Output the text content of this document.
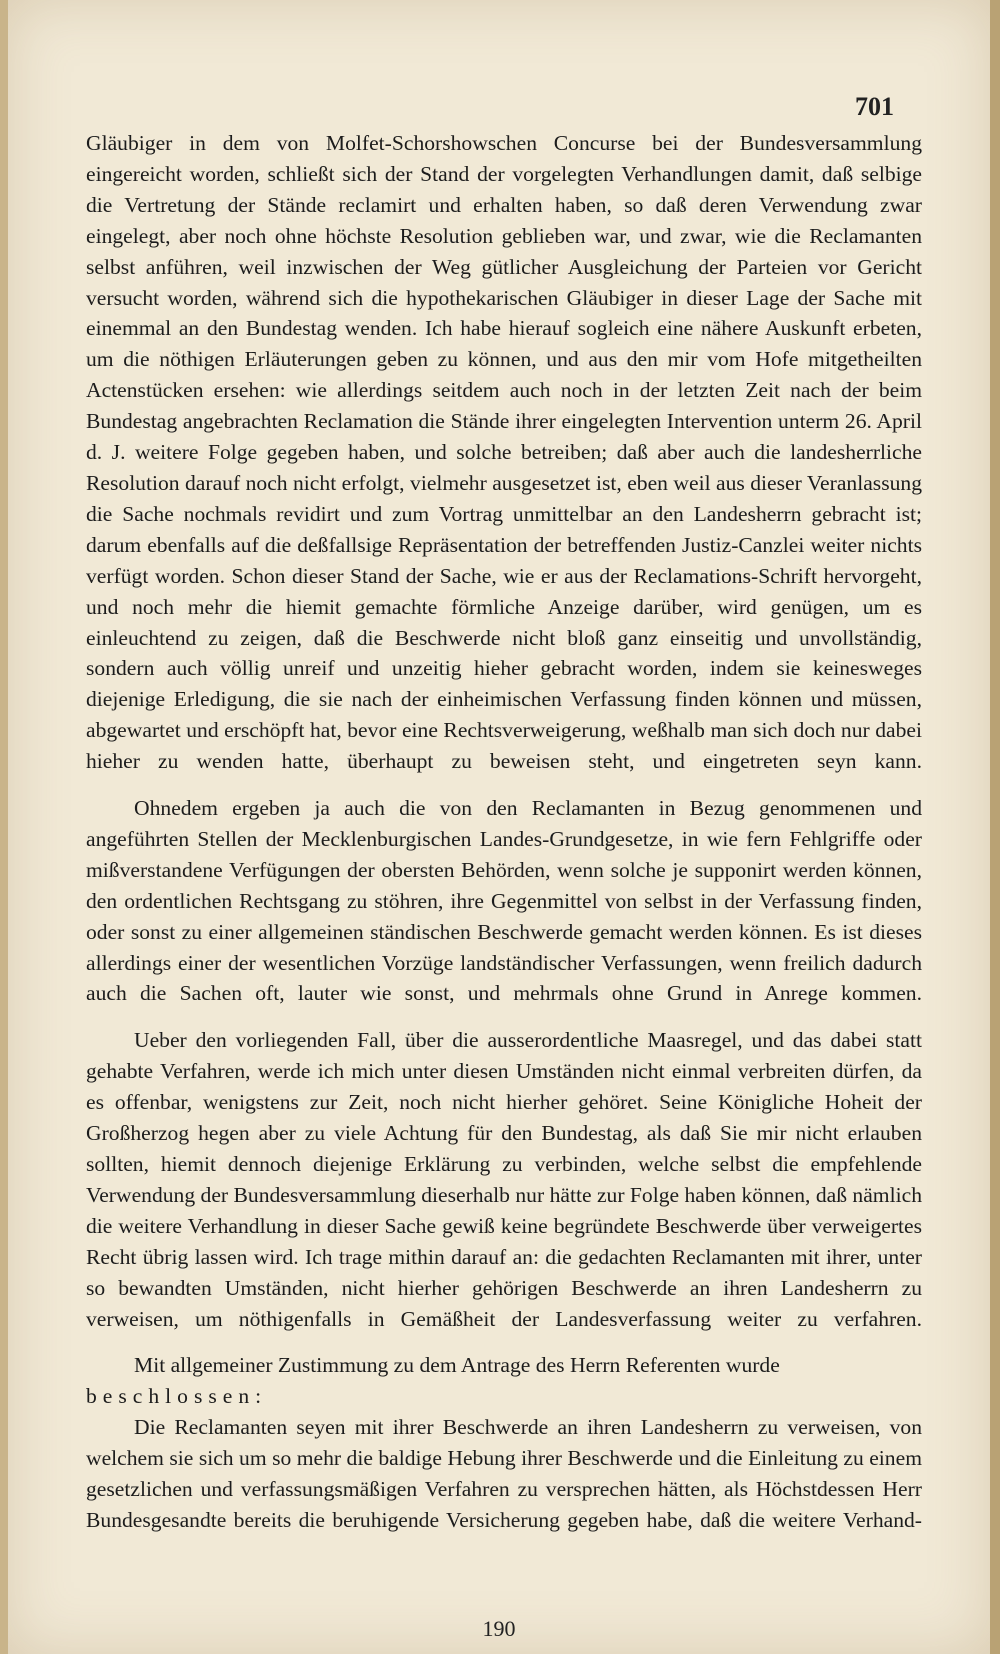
701

Gläubiger in dem von Molfet-Schorshowschen Concurse bei der Bundesversammlung eingereicht worden, schließt sich der Stand der vorgelegten Verhandlungen damit, daß selbige die Vertretung der Stände reclamirt und erhalten haben, so daß deren Verwendung zwar eingelegt, aber noch ohne höchste Resolution geblieben war, und zwar, wie die Reclamanten selbst anführen, weil inzwischen der Weg gütlicher Ausgleichung der Parteien vor Gericht versucht worden, während sich die hypothekarischen Gläubiger in dieser Lage der Sache mit einemmal an den Bundestag wenden. Ich habe hierauf sogleich eine nähere Auskunft erbeten, um die nöthigen Erläuterungen geben zu können, und aus den mir vom Hofe mitgetheilten Actenstücken ersehen: wie allerdings seitdem auch noch in der letzten Zeit nach der beim Bundestag angebrachten Reclamation die Stände ihrer eingelegten Intervention unterm 26. April d. J. weitere Folge gegeben haben, und solche betreiben; daß aber auch die landesherrliche Resolution darauf noch nicht erfolgt, vielmehr ausgesetzet ist, eben weil aus dieser Veranlassung die Sache nochmals revidirt und zum Vortrag unmittelbar an den Landesherrn gebracht ist; darum ebenfalls auf die deßfallsige Repräsentation der betreffenden Justiz-Canzlei weiter nichts verfügt worden. Schon dieser Stand der Sache, wie er aus der Reclamations-Schrift hervorgeht, und noch mehr die hiemit gemachte förmliche Anzeige darüber, wird genügen, um es einleuchtend zu zeigen, daß die Beschwerde nicht bloß ganz einseitig und unvollständig, sondern auch völlig unreif und unzeitig hieher gebracht worden, indem sie keinesweges diejenige Erledigung, die sie nach der einheimischen Verfassung finden können und müssen, abgewartet und erschöpft hat, bevor eine Rechtsverweigerung, weßhalb man sich doch nur dabei hieher zu wenden hatte, überhaupt zu beweisen steht, und eingetreten seyn kann.

Ohnedem ergeben ja auch die von den Reclamanten in Bezug genommenen und angeführten Stellen der Mecklenburgischen Landes-Grundgesetze, in wie fern Fehlgriffe oder mißverstandene Verfügungen der obersten Behörden, wenn solche je supponirt werden können, den ordentlichen Rechtsgang zu stöhren, ihre Gegenmittel von selbst in der Verfassung finden, oder sonst zu einer allgemeinen ständischen Beschwerde gemacht werden können. Es ist dieses allerdings einer der wesentlichen Vorzüge landständischer Verfassungen, wenn freilich dadurch auch die Sachen oft, lauter wie sonst, und mehrmals ohne Grund in Anrege kommen.

Ueber den vorliegenden Fall, über die ausserordentliche Maasregel, und das dabei statt gehabte Verfahren, werde ich mich unter diesen Umständen nicht einmal verbreiten dürfen, da es offenbar, wenigstens zur Zeit, noch nicht hierher gehöret. Seine Königliche Hoheit der Großherzog hegen aber zu viele Achtung für den Bundestag, als daß Sie mir nicht erlauben sollten, hiemit dennoch diejenige Erklärung zu verbinden, welche selbst die empfehlende Verwendung der Bundesversammlung dieserhalb nur hätte zur Folge haben können, daß nämlich die weitere Verhandlung in dieser Sache gewiß keine begründete Beschwerde über verweigertes Recht übrig lassen wird. Ich trage mithin darauf an: die gedachten Reclamanten mit ihrer, unter so bewandten Umständen, nicht hierher gehörigen Beschwerde an ihren Landesherrn zu verweisen, um nöthigenfalls in Gemäßheit der Landesverfassung weiter zu verfahren.

Mit allgemeiner Zustimmung zu dem Antrage des Herrn Referenten wurde

beschlossen:

Die Reclamanten seyen mit ihrer Beschwerde an ihren Landesherrn zu verweisen, von welchem sie sich um so mehr die baldige Hebung ihrer Beschwerde und die Einleitung zu einem gesetzlichen und verfassungsmäßigen Verfahren zu versprechen hätten, als Höchstdessen Herr Bundesgesandte bereits die beruhigende Versicherung gegeben habe, daß die weitere Verhand-

190
